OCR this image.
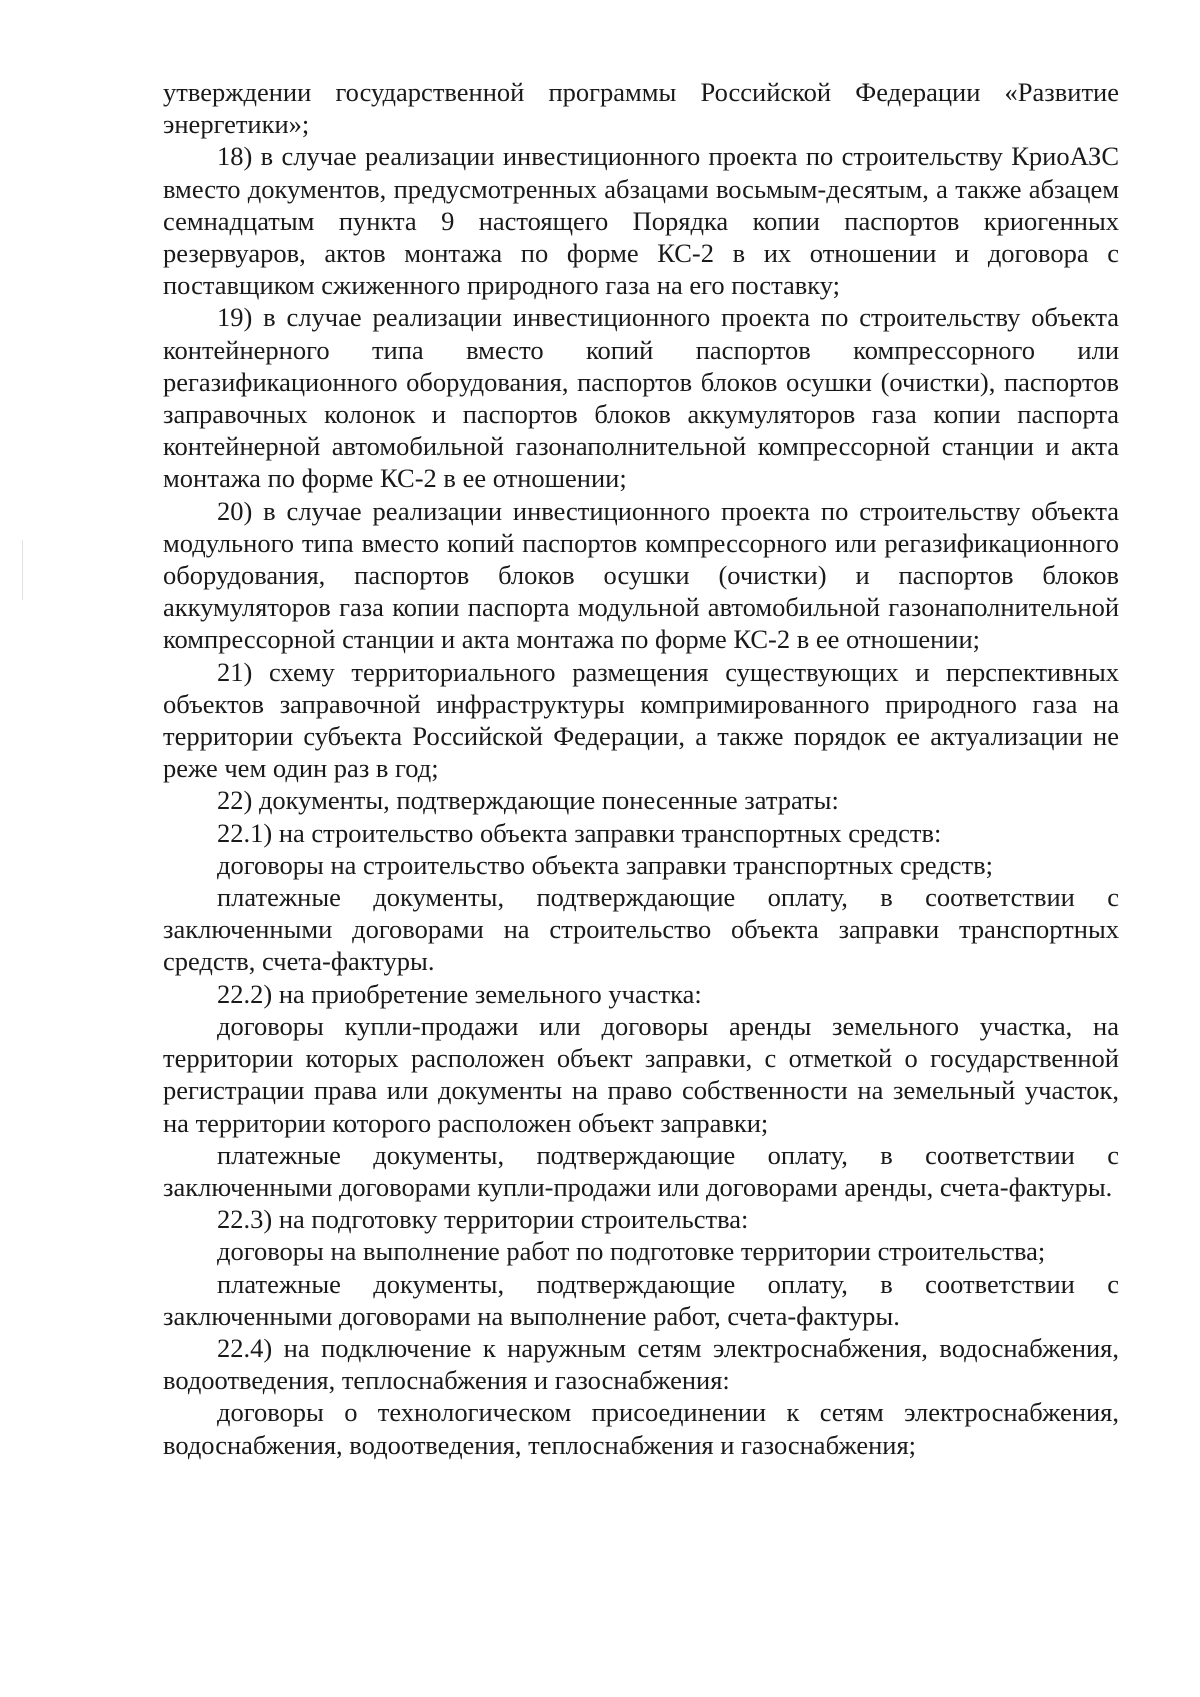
утверждении государственной программы Российской Федерации «Развитие энергетики»;

18) в случае реализации инвестиционного проекта по строительству КриоАЗС вместо документов, предусмотренных абзацами восьмым-десятым, а также абзацем семнадцатым пункта 9 настоящего Порядка копии паспортов криогенных резервуаров, актов монтажа по форме КС-2 в их отношении и договора с поставщиком сжиженного природного газа на его поставку;

19) в случае реализации инвестиционного проекта по строительству объекта контейнерного типа вместо копий паспортов компрессорного или регазификационного оборудования, паспортов блоков осушки (очистки), паспортов заправочных колонок и паспортов блоков аккумуляторов газа копии паспорта контейнерной автомобильной газонаполнительной компрессорной станции и акта монтажа по форме КС-2 в ее отношении;

20) в случае реализации инвестиционного проекта по строительству объекта модульного типа вместо копий паспортов компрессорного или регазификационного оборудования, паспортов блоков осушки (очистки) и паспортов блоков аккумуляторов газа копии паспорта модульной автомобильной газонаполнительной компрессорной станции и акта монтажа по форме КС-2 в ее отношении;

21) схему территориального размещения существующих и перспективных объектов заправочной инфраструктуры компримированного природного газа на территории субъекта Российской Федерации, а также порядок ее актуализации не реже чем один раз в год;

22) документы, подтверждающие понесенные затраты:

22.1) на строительство объекта заправки транспортных средств:

договоры на строительство объекта заправки транспортных средств;

платежные документы, подтверждающие оплату, в соответствии с заключенными договорами на строительство объекта заправки транспортных средств, счета-фактуры.

22.2) на приобретение земельного участка:

договоры купли-продажи или договоры аренды земельного участка, на территории которых расположен объект заправки, с отметкой о государственной регистрации права или документы на право собственности на земельный участок, на территории которого расположен объект заправки;

платежные документы, подтверждающие оплату, в соответствии с заключенными договорами купли-продажи или договорами аренды, счета-фактуры.

22.3) на подготовку территории строительства:

договоры на выполнение работ по подготовке территории строительства;

платежные документы, подтверждающие оплату, в соответствии с заключенными договорами на выполнение работ, счета-фактуры.

22.4) на подключение к наружным сетям электроснабжения, водоснабжения, водоотведения, теплоснабжения и газоснабжения:

договоры о технологическом присоединении к сетям электроснабжения, водоснабжения, водоотведения, теплоснабжения и газоснабжения;
